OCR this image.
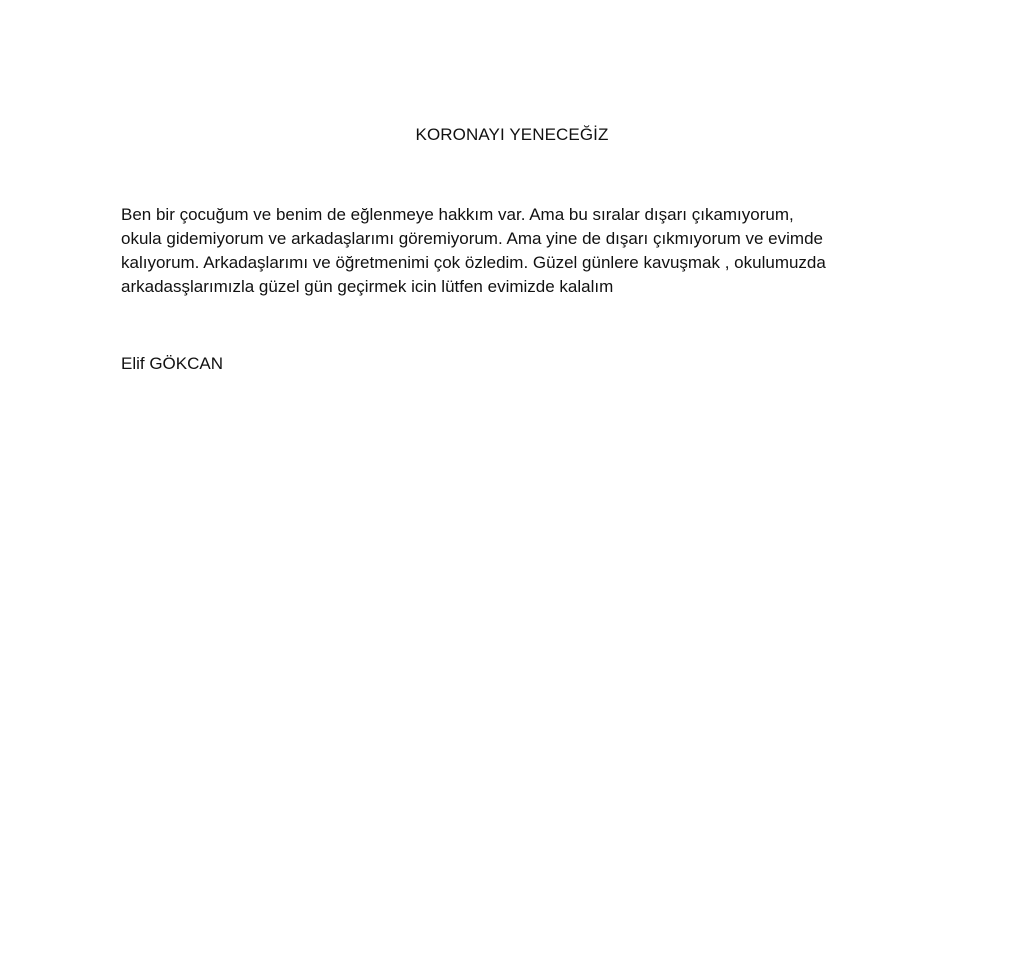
KORONAYI YENECEĞİZ

Ben bir çocuğum ve benim de eğlenmeye hakkım var. Ama bu sıralar dışarı çıkamıyorum,
okula gidemiyorum ve arkadaşlarımı göremiyorum. Ama yine de dışarı çıkmıyorum ve evimde
kalıyorum. Arkadaşlarımı ve öğretmenimi çok özledim. Güzel günlere kavuşmak , okulumuzda
arkadasşlarımızla güzel gün geçirmek icin lütfen evimizde kalalım

Elif GÖKCAN
